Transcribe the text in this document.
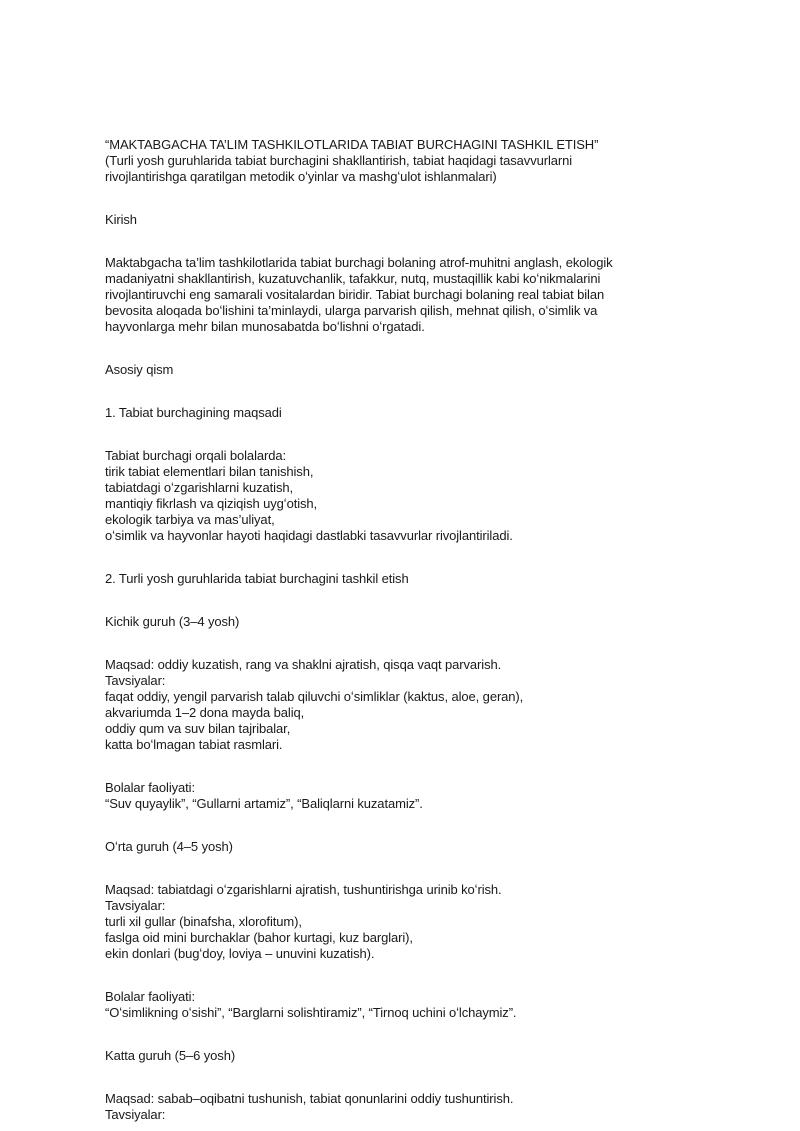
“MAKTABGACHA TA’LIM TASHKILOTLARIDA TABIAT BURCHAGINI TASHKIL ETISH”
(Turli yosh guruhlarida tabiat burchagini shakllantirish, tabiat haqidagi tasavvurlarni
rivojlantirishga qaratilgan metodik oʻyinlar va mashgʻulot ishlanmalari)
Kirish
Maktabgacha ta’lim tashkilotlarida tabiat burchagi bolaning atrof-muhitni anglash, ekologik
madaniyatni shakllantirish, kuzatuvchanlik, tafakkur, nutq, mustaqillik kabi koʻnikmalarini
rivojlantiruvchi eng samarali vositalardan biridir. Tabiat burchagi bolaning real tabiat bilan
bevosita aloqada boʻlishini ta’minlaydi, ularga parvarish qilish, mehnat qilish, oʻsimlik va
hayvonlarga mehr bilan munosabatda boʻlishni oʻrgatadi.
Asosiy qism
1. Tabiat burchagining maqsadi
Tabiat burchagi orqali bolalarda:
tirik tabiat elementlari bilan tanishish,
tabiatdagi oʻzgarishlarni kuzatish,
mantiqiy fikrlash va qiziqish uygʻotish,
ekologik tarbiya va mas’uliyat,
oʻsimlik va hayvonlar hayoti haqidagi dastlabki tasavvurlar rivojlantiriladi.
2. Turli yosh guruhlarida tabiat burchagini tashkil etish
Kichik guruh (3–4 yosh)
Maqsad: oddiy kuzatish, rang va shaklni ajratish, qisqa vaqt parvarish.
Tavsiyalar:
faqat oddiy, yengil parvarish talab qiluvchi oʻsimliklar (kaktus, aloe, geran),
akvariumda 1–2 dona mayda baliq,
oddiy qum va suv bilan tajribalar,
katta boʻlmagan tabiat rasmlari.
Bolalar faoliyati:
“Suv quyaylik”, “Gullarni artamiz”, “Baliqlarni kuzatamiz”.
Oʻrta guruh (4–5 yosh)
Maqsad: tabiatdagi oʻzgarishlarni ajratish, tushuntirishga urinib koʻrish.
Tavsiyalar:
turli xil gullar (binafsha, xlorofitum),
faslga oid mini burchaklar (bahor kurtagi, kuz barglari),
ekin donlari (bugʻdoy, loviya – unuvini kuzatish).
Bolalar faoliyati:
“Oʻsimlikning oʻsishi”, “Barglarni solishtiramiz”, “Tirnoq uchini oʻlchaymiz”.
Katta guruh (5–6 yosh)
Maqsad: sabab–oqibatni tushunish, tabiat qonunlarini oddiy tushuntirish.
Tavsiyalar:
